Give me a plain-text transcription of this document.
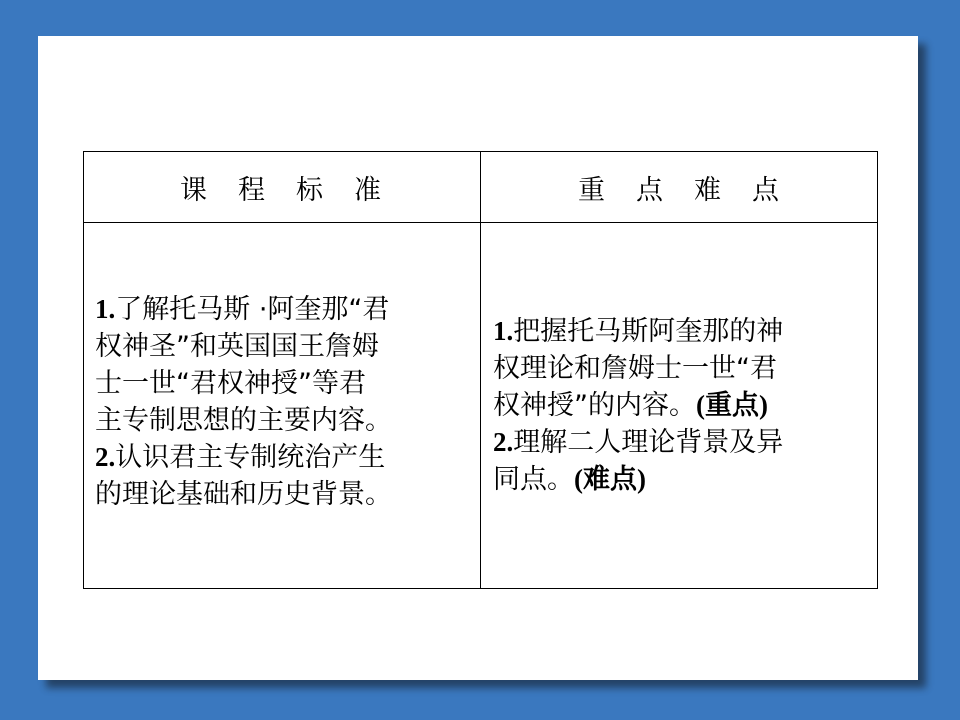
课　程　标　准	重　点　难　点
1.了解托马斯 ·阿奎那“君
权神圣”和英国国王詹姆
士一世“君权神授”等君
主专制思想的主要内容。
2.认识君主专制统治产生
的理论基础和历史背景。
1.把握托马斯阿奎那的神
权理论和詹姆士一世“君
权神授”的内容。(重点)
2.理解二人理论背景及异
同点。(难点)
